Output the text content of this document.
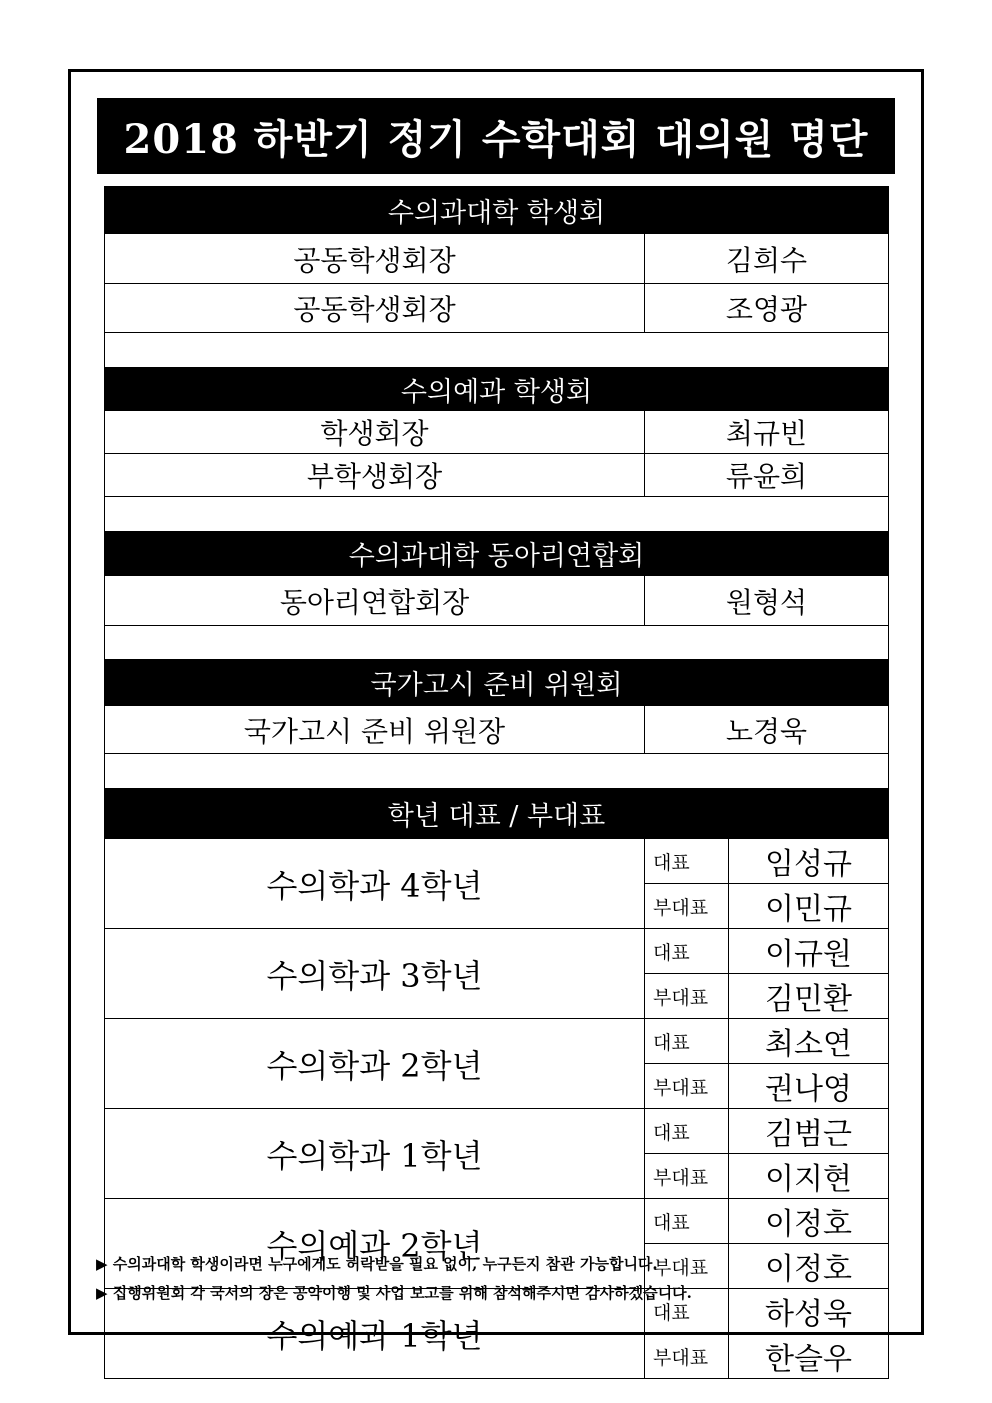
2018 하반기 정기 수학대회 대의원 명단
수의과대학 학생회		
공동학생회장	김희수	
공동학생회장	조영광	

수의예과 학생회		
학생회장	최규빈	
부학생회장	류윤희	

수의과대학 동아리연합회		
동아리연합회장	원형석	

국가고시 준비 위원회		
국가고시 준비 위원장	노경욱	

학년 대표 / 부대표		
수의학과 4학년	대표	임성규
	부대표	이민규
수의학과 3학년	대표	이규원
	부대표	김민환
수의학과 2학년	대표	최소연
	부대표	권나영
수의학과 1학년	대표	김범근
	부대표	이지현
수의예과 2학년	대표	이정호
	부대표	이정호
수의예과 1학년	대표	하성욱
	부대표	한슬우
▶ 수의과대학 학생이라면 누구에게도 허락받을 필요 없이, 누구든지 참관 가능합니다.
▶ 집행위원회 각 국서의 장은 공약이행 및 사업 보고를 위해 참석해주시면 감사하겠습니다.
